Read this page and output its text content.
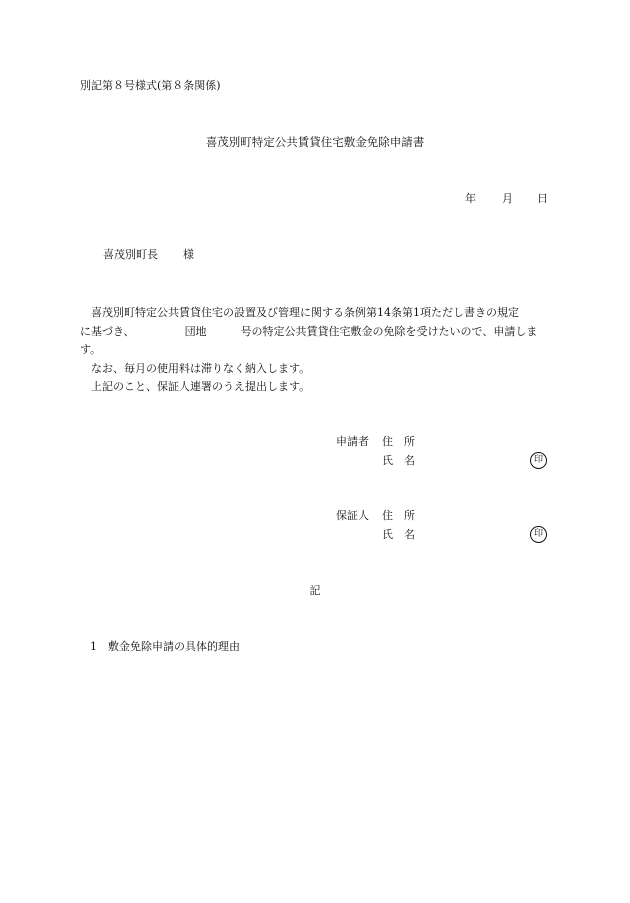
別記第８号様式(第８条関係)
喜茂別町特定公共賃貸住宅敷金免除申請書
年 月 日
喜茂別町長 様

喜茂別町特定公共賃貸住宅の設置及び管理に関する条例第14条第1項ただし書きの規定

に基づき、	団地	号の特定公共賃貸住宅敷金の免除を受けたいので、申請しま

す。

なお、毎月の使用料は滞りなく納入します。

上記のこと、保証人連署のうえ提出します。

申請者 住　所
氏　名	印
保証人 住　所
氏　名	印
記
1 敷金免除申請の具体的理由
